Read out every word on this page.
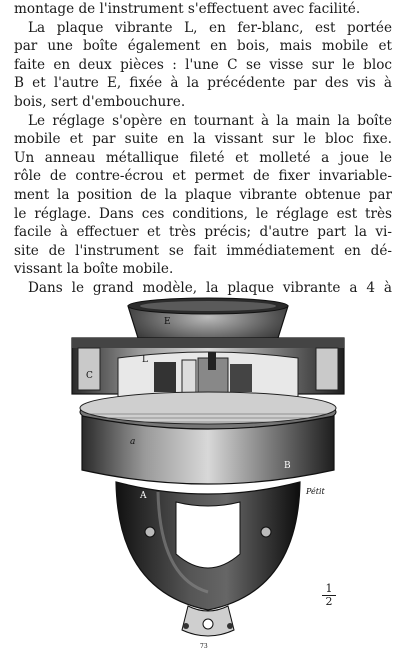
montage de l'instrument s'effectuent avec facilité.

La plaque vibrante L, en fer-blanc, est portée
par une boîte également en bois, mais mobile et
faite en deux pièces : l'une C se visse sur le bloc
B et l'autre E, fixée à la précédente par des vis à
bois, sert d'embouchure.

Le réglage s'opère en tournant à la main la boîte
mobile et par suite en la vissant sur le bloc fixe.
Un anneau métallique fileté et molleté a joue le
rôle de contre-écrou et permet de fixer invariable-
ment la position de la plaque vibrante obtenue par
le réglage. Dans ces conditions, le réglage est très
facile à effectuer et très précis; d'autre part la vi-
site de l'instrument se fait immédiatement en dé-
vissant la boîte mobile.

Dans le grand modèle, la plaque vibrante a 4 à

E
L
C
a
B
A	Pétit
73
1
2
